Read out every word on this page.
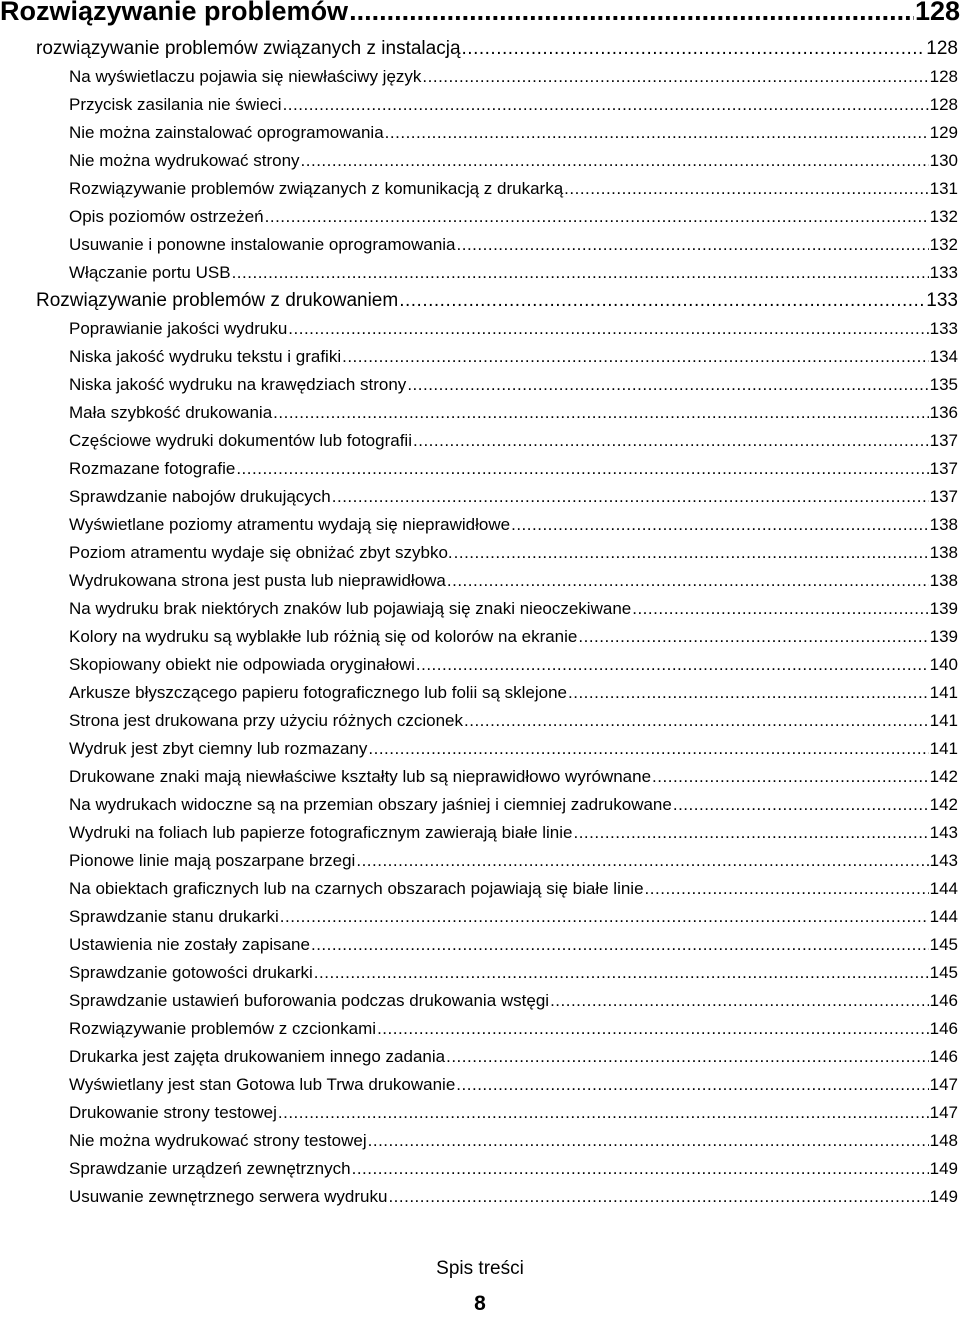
Rozwiązywanie problemów .....	128
rozwiązywanie problemów związanych z instalacją .....	128
Na wyświetlaczu pojawia się niewłaściwy język .....	128
Przycisk zasilania nie świeci .....	128
Nie można zainstalować oprogramowania .....	129
Nie można wydrukować strony .....	130
Rozwiązywanie problemów związanych z komunikacją z drukarką .....	131
Opis poziomów ostrzeżeń .....	132
Usuwanie i ponowne instalowanie oprogramowania .....	132
Włączanie portu USB .....	133
Rozwiązywanie problemów z drukowaniem .....	133
Poprawianie jakości wydruku .....	133
Niska jakość wydruku tekstu i grafiki .....	134
Niska jakość wydruku na krawędziach strony .....	135
Mała szybkość drukowania .....	136
Częściowe wydruki dokumentów lub fotografii .....	137
Rozmazane fotografie .....	137
Sprawdzanie nabojów drukujących .....	137
Wyświetlane poziomy atramentu wydają się nieprawidłowe .....	138
Poziom atramentu wydaje się obniżać zbyt szybko. .....	138
Wydrukowana strona jest pusta lub nieprawidłowa .....	138
Na wydruku brak niektórych znaków lub pojawiają się znaki nieoczekiwane .....	139
Kolory na wydruku są wyblakłe lub różnią się od kolorów na ekranie .....	139
Skopiowany obiekt nie odpowiada oryginałowi .....	140
Arkusze błyszczącego papieru fotograficznego lub folii są sklejone .....	141
Strona jest drukowana przy użyciu różnych czcionek .....	141
Wydruk jest zbyt ciemny lub rozmazany .....	141
Drukowane znaki mają niewłaściwe kształty lub są nieprawidłowo wyrównane .....	142
Na wydrukach widoczne są na przemian obszary jaśniej i ciemniej zadrukowane .....	142
Wydruki na foliach lub papierze fotograficznym zawierają białe linie .....	143
Pionowe linie mają poszarpane brzegi .....	143
Na obiektach graficznych lub na czarnych obszarach pojawiają się białe linie .....	144
Sprawdzanie stanu drukarki .....	144
Ustawienia nie zostały zapisane .....	145
Sprawdzanie gotowości drukarki .....	145
Sprawdzanie ustawień buforowania podczas drukowania wstęgi .....	146
Rozwiązywanie problemów z czcionkami .....	146
Drukarka jest zajęta drukowaniem innego zadania .....	146
Wyświetlany jest stan Gotowa lub Trwa drukowanie .....	147
Drukowanie strony testowej .....	147
Nie można wydrukować strony testowej .....	148
Sprawdzanie urządzeń zewnętrznych .....	149
Usuwanie zewnętrznego serwera wydruku .....	149
Spis treści
8
